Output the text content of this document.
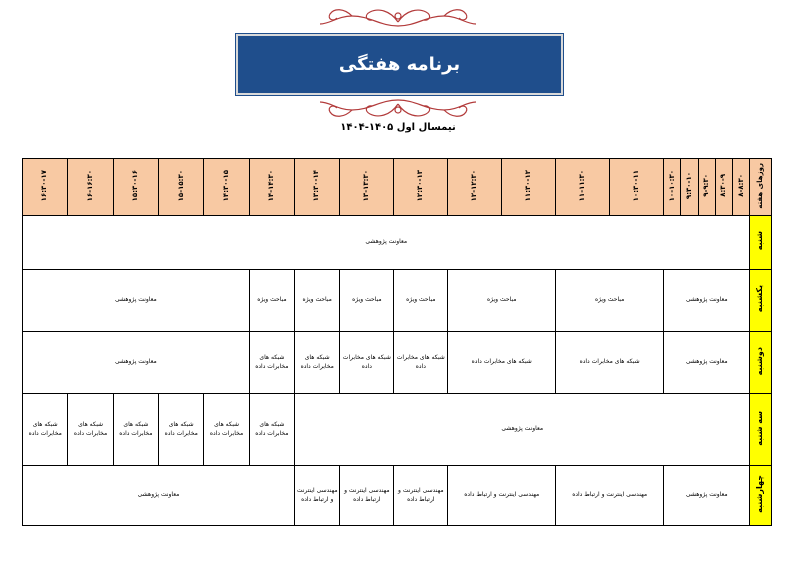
برنامه هفتگی
نیمسال اول ۱۴۰۵-۱۴۰۴
روزهای هفته	۸-۸:۳۰	۸:۳۰-۹	۹-۹:۳۰	۹:۳۰-۱۰	۱۰-۱۰:۳۰	۱۰:۳۰-۱۱	۱۱-۱۱:۳۰	۱۱:۳۰-۱۲	۱۲-۱۲:۳۰	۱۲:۳۰-۱۳	۱۳-۱۳:۳۰	۱۳:۳۰-۱۴	۱۴-۱۴:۳۰	۱۴:۳۰-۱۵	۱۵-۱۵:۳۰	۱۵:۳۰-۱۶	۱۶-۱۶:۳۰	۱۶:۳۰-۱۷
شنبه	معاونت پژوهشی																	
یکشنبه	معاونت پژوهشی					مباحث ویژه		مباحث ویژه		مباحث ویژه	مباحث ویژه	مباحث ویژه	مباحث ویژه	معاونت پژوهشی				
دوشنبه	معاونت پژوهشی					شبکه های مخابرات داده		شبکه های مخابرات داده		شبکه های مخابرات داده	شبکه های مخابرات داده	شبکه های مخابرات داده	شبکه های مخابرات داده	معاونت پژوهشی				
سه شنبه	معاونت پژوهشی												شبکه های مخابرات داده	شبکه های مخابرات داده	شبکه های مخابرات داده	شبکه های مخابرات داده	شبکه های مخابرات داده	شبکه های مخابرات داده
چهارشنبه	معاونت پژوهشی					مهندسی اینترنت و ارتباط داده		مهندسی اینترنت و ارتباط داده		مهندسی اینترنت و ارتباط داده	مهندسی اینترنت و ارتباط داده	مهندسی اینترنت و ارتباط داده	معاونت پژوهشی					
